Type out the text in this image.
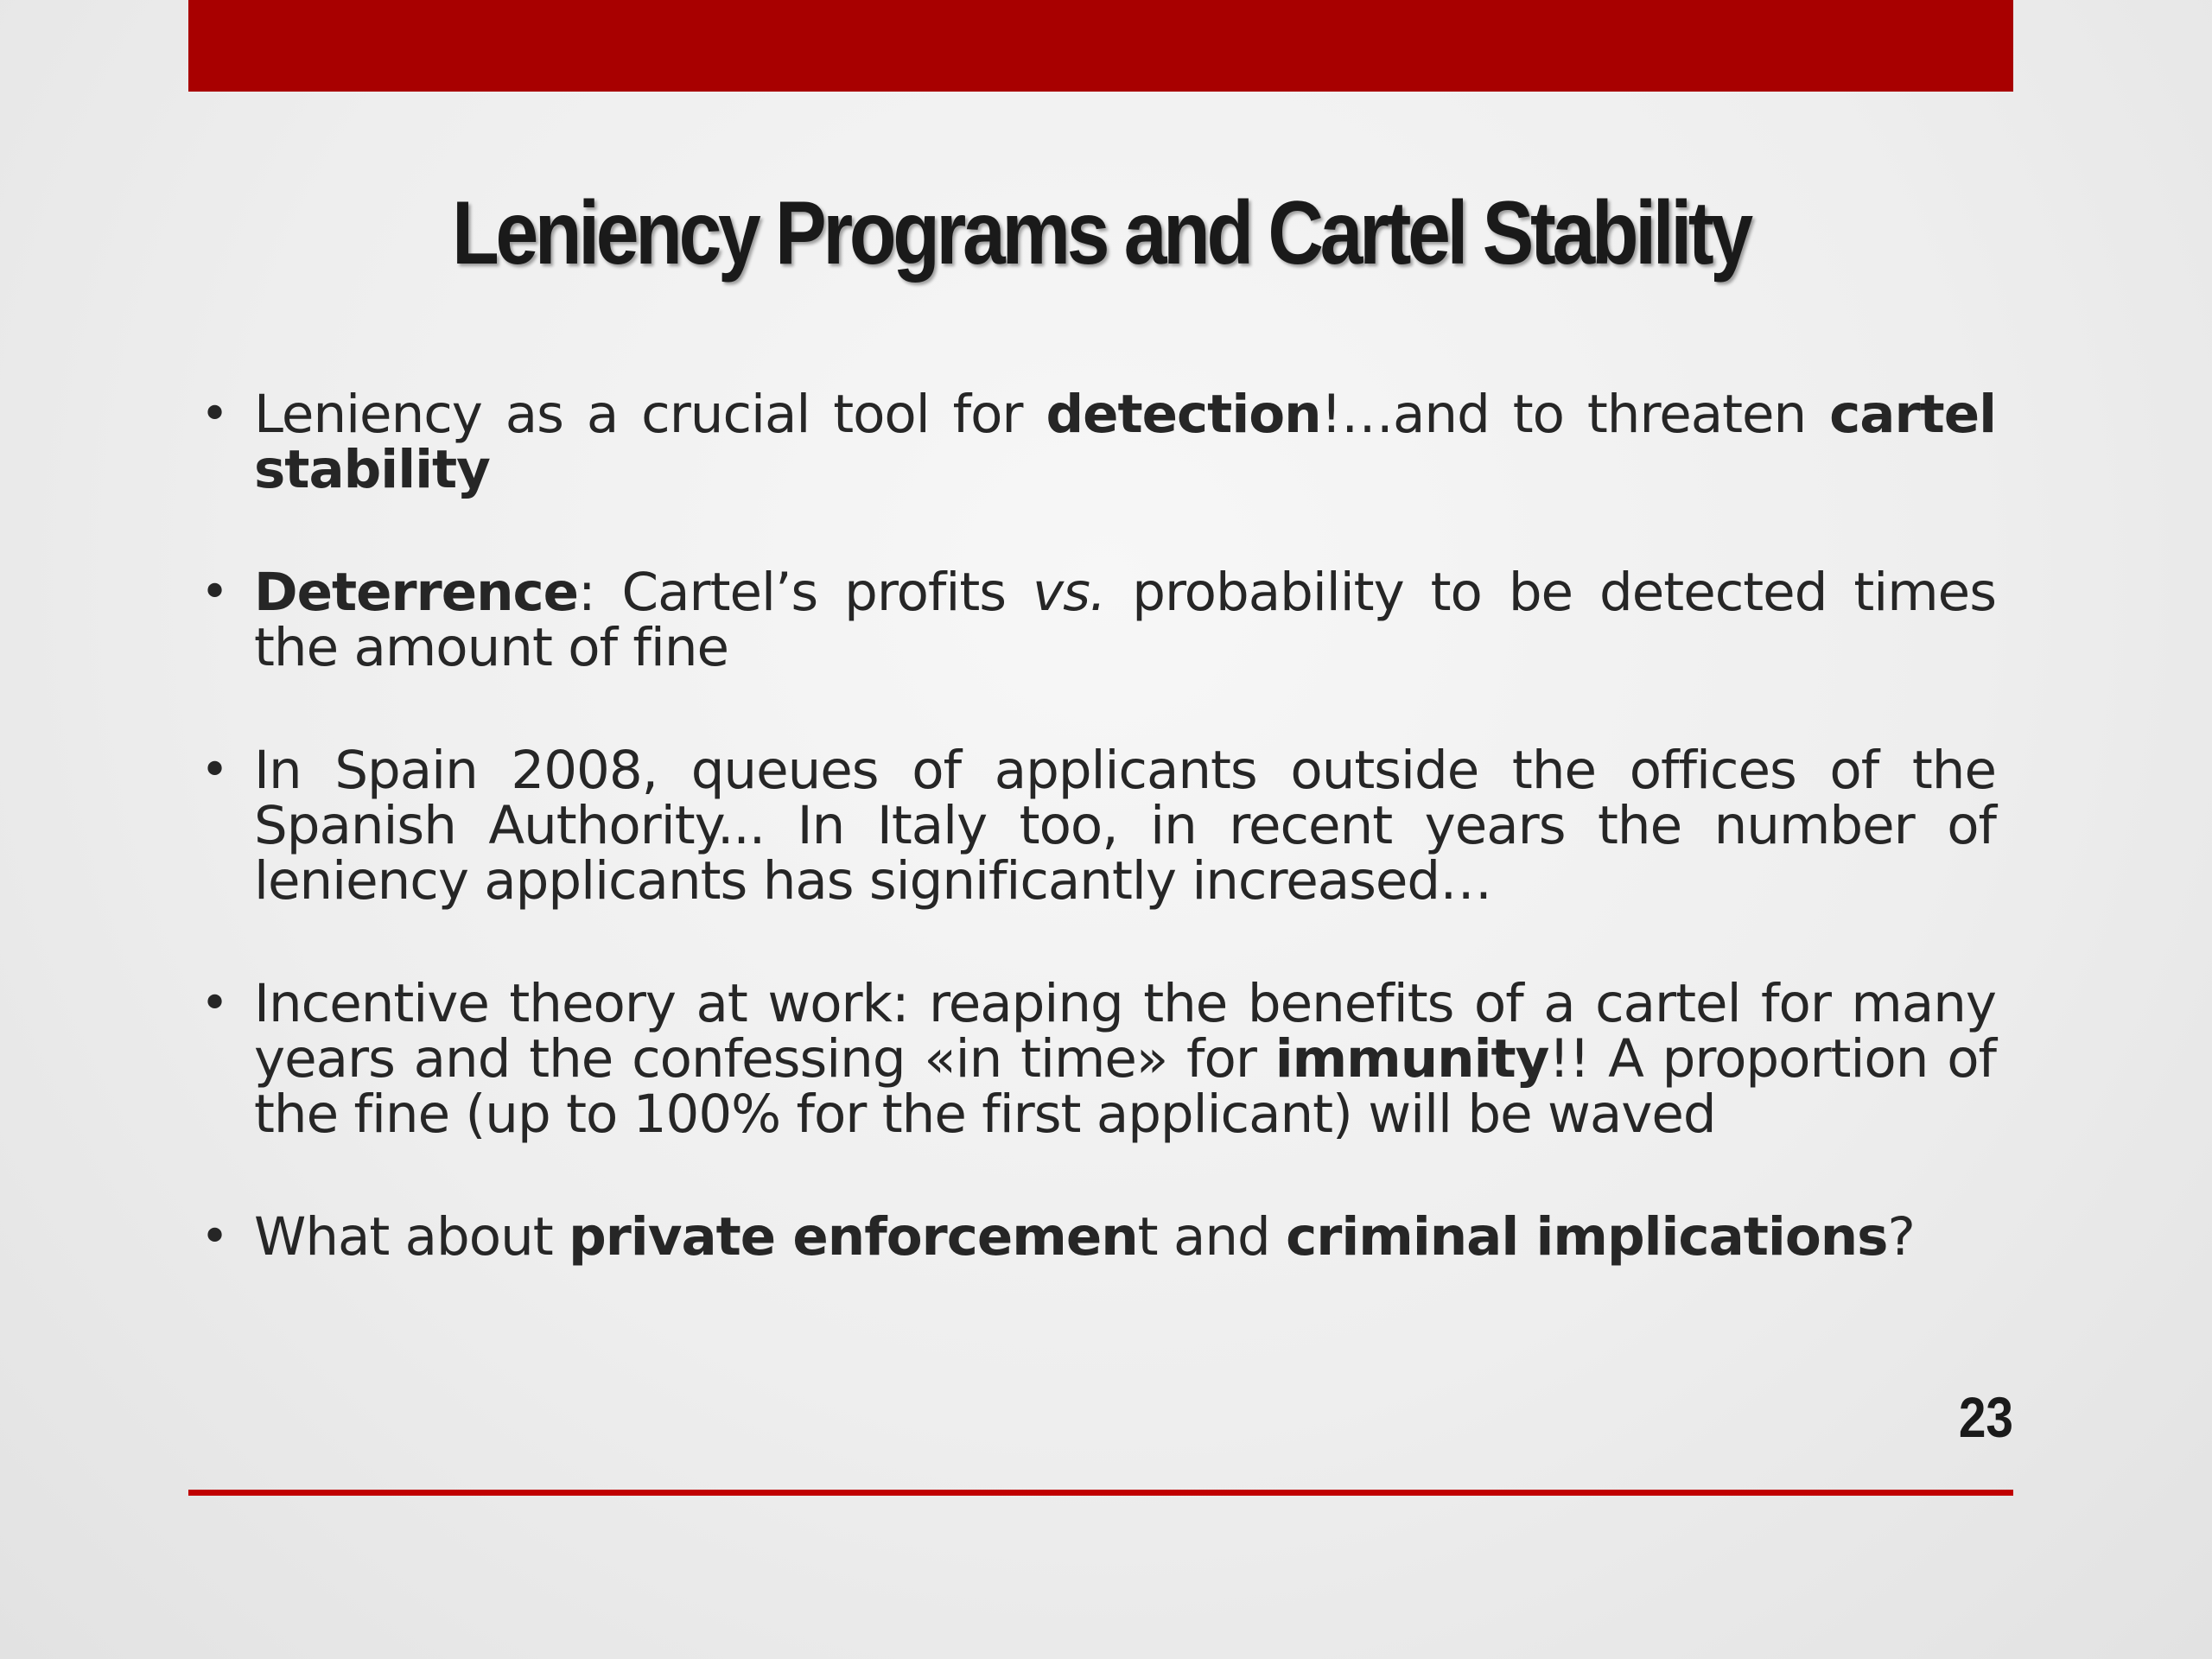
Leniency Programs and Cartel Stability
• Leniency as a crucial tool for detection!…and to threaten cartel stability
• Deterrence: Cartel’s profits vs. probability to be detected times the amount of fine
• In Spain 2008, queues of applicants outside the offices of the Spanish Authority... In Italy too, in recent years the number of leniency applicants has significantly increased…
• Incentive theory at work: reaping the benefits of a cartel for many years and the confessing «in time» for immunity!! A proportion of the fine (up to 100% for the first applicant) will be waved
• What about private enforcement and criminal implications?
23
